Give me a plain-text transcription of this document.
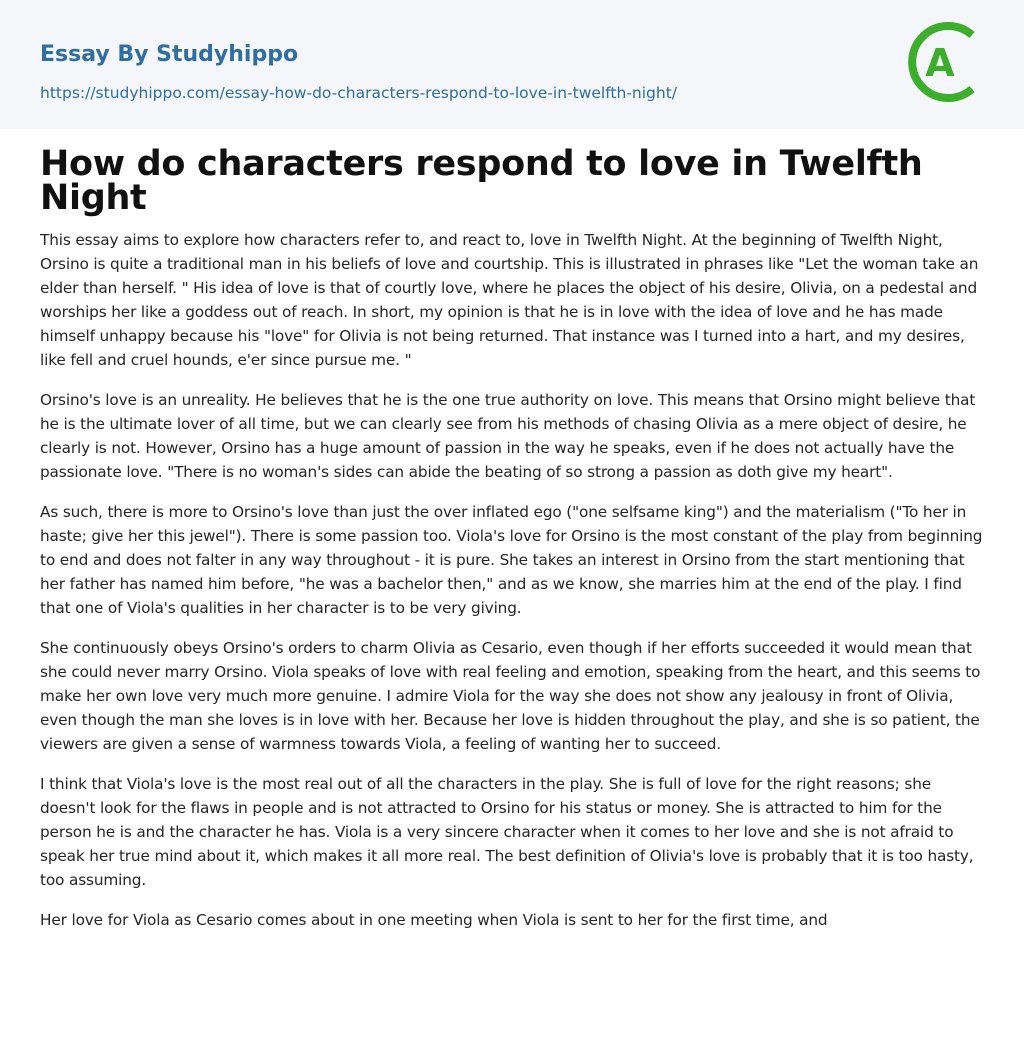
Essay By Studyhippo
https://studyhippo.com/essay-how-do-characters-respond-to-love-in-twelfth-night/
A
How do characters respond to love in Twelfth Night

This essay aims to explore how characters refer to, and react to, love in Twelfth Night. At the beginning of Twelfth Night, Orsino is quite a traditional man in his beliefs of love and courtship. This is illustrated in phrases like "Let the woman take an elder than herself. " His idea of love is that of courtly love, where he places the object of his desire, Olivia, on a pedestal and worships her like a goddess out of reach. In short, my opinion is that he is in love with the idea of love and he has made himself unhappy because his "love" for Olivia is not being returned. That instance was I turned into a hart, and my desires, like fell and cruel hounds, e'er since pursue me. "

Orsino's love is an unreality. He believes that he is the one true authority on love. This means that Orsino might believe that he is the ultimate lover of all time, but we can clearly see from his methods of chasing Olivia as a mere object of desire, he clearly is not. However, Orsino has a huge amount of passion in the way he speaks, even if he does not actually have the passionate love. "There is no woman's sides can abide the beating of so strong a passion as doth give my heart".

As such, there is more to Orsino's love than just the over inflated ego ("one selfsame king") and the materialism ("To her in haste; give her this jewel"). There is some passion too. Viola's love for Orsino is the most constant of the play from beginning to end and does not falter in any way throughout - it is pure. She takes an interest in Orsino from the start mentioning that her father has named him before, "he was a bachelor then," and as we know, she marries him at the end of the play. I find that one of Viola's qualities in her character is to be very giving.

She continuously obeys Orsino's orders to charm Olivia as Cesario, even though if her efforts succeeded it would mean that she could never marry Orsino. Viola speaks of love with real feeling and emotion, speaking from the heart, and this seems to make her own love very much more genuine. I admire Viola for the way she does not show any jealousy in front of Olivia, even though the man she loves is in love with her. Because her love is hidden throughout the play, and she is so patient, the viewers are given a sense of warmness towards Viola, a feeling of wanting her to succeed.

I think that Viola's love is the most real out of all the characters in the play. She is full of love for the right reasons; she doesn't look for the flaws in people and is not attracted to Orsino for his status or money. She is attracted to him for the person he is and the character he has. Viola is a very sincere character when it comes to her love and she is not afraid to speak her true mind about it, which makes it all more real. The best definition of Olivia's love is probably that it is too hasty, too assuming.

Her love for Viola as Cesario comes about in one meeting when Viola is sent to her for the first time, and
